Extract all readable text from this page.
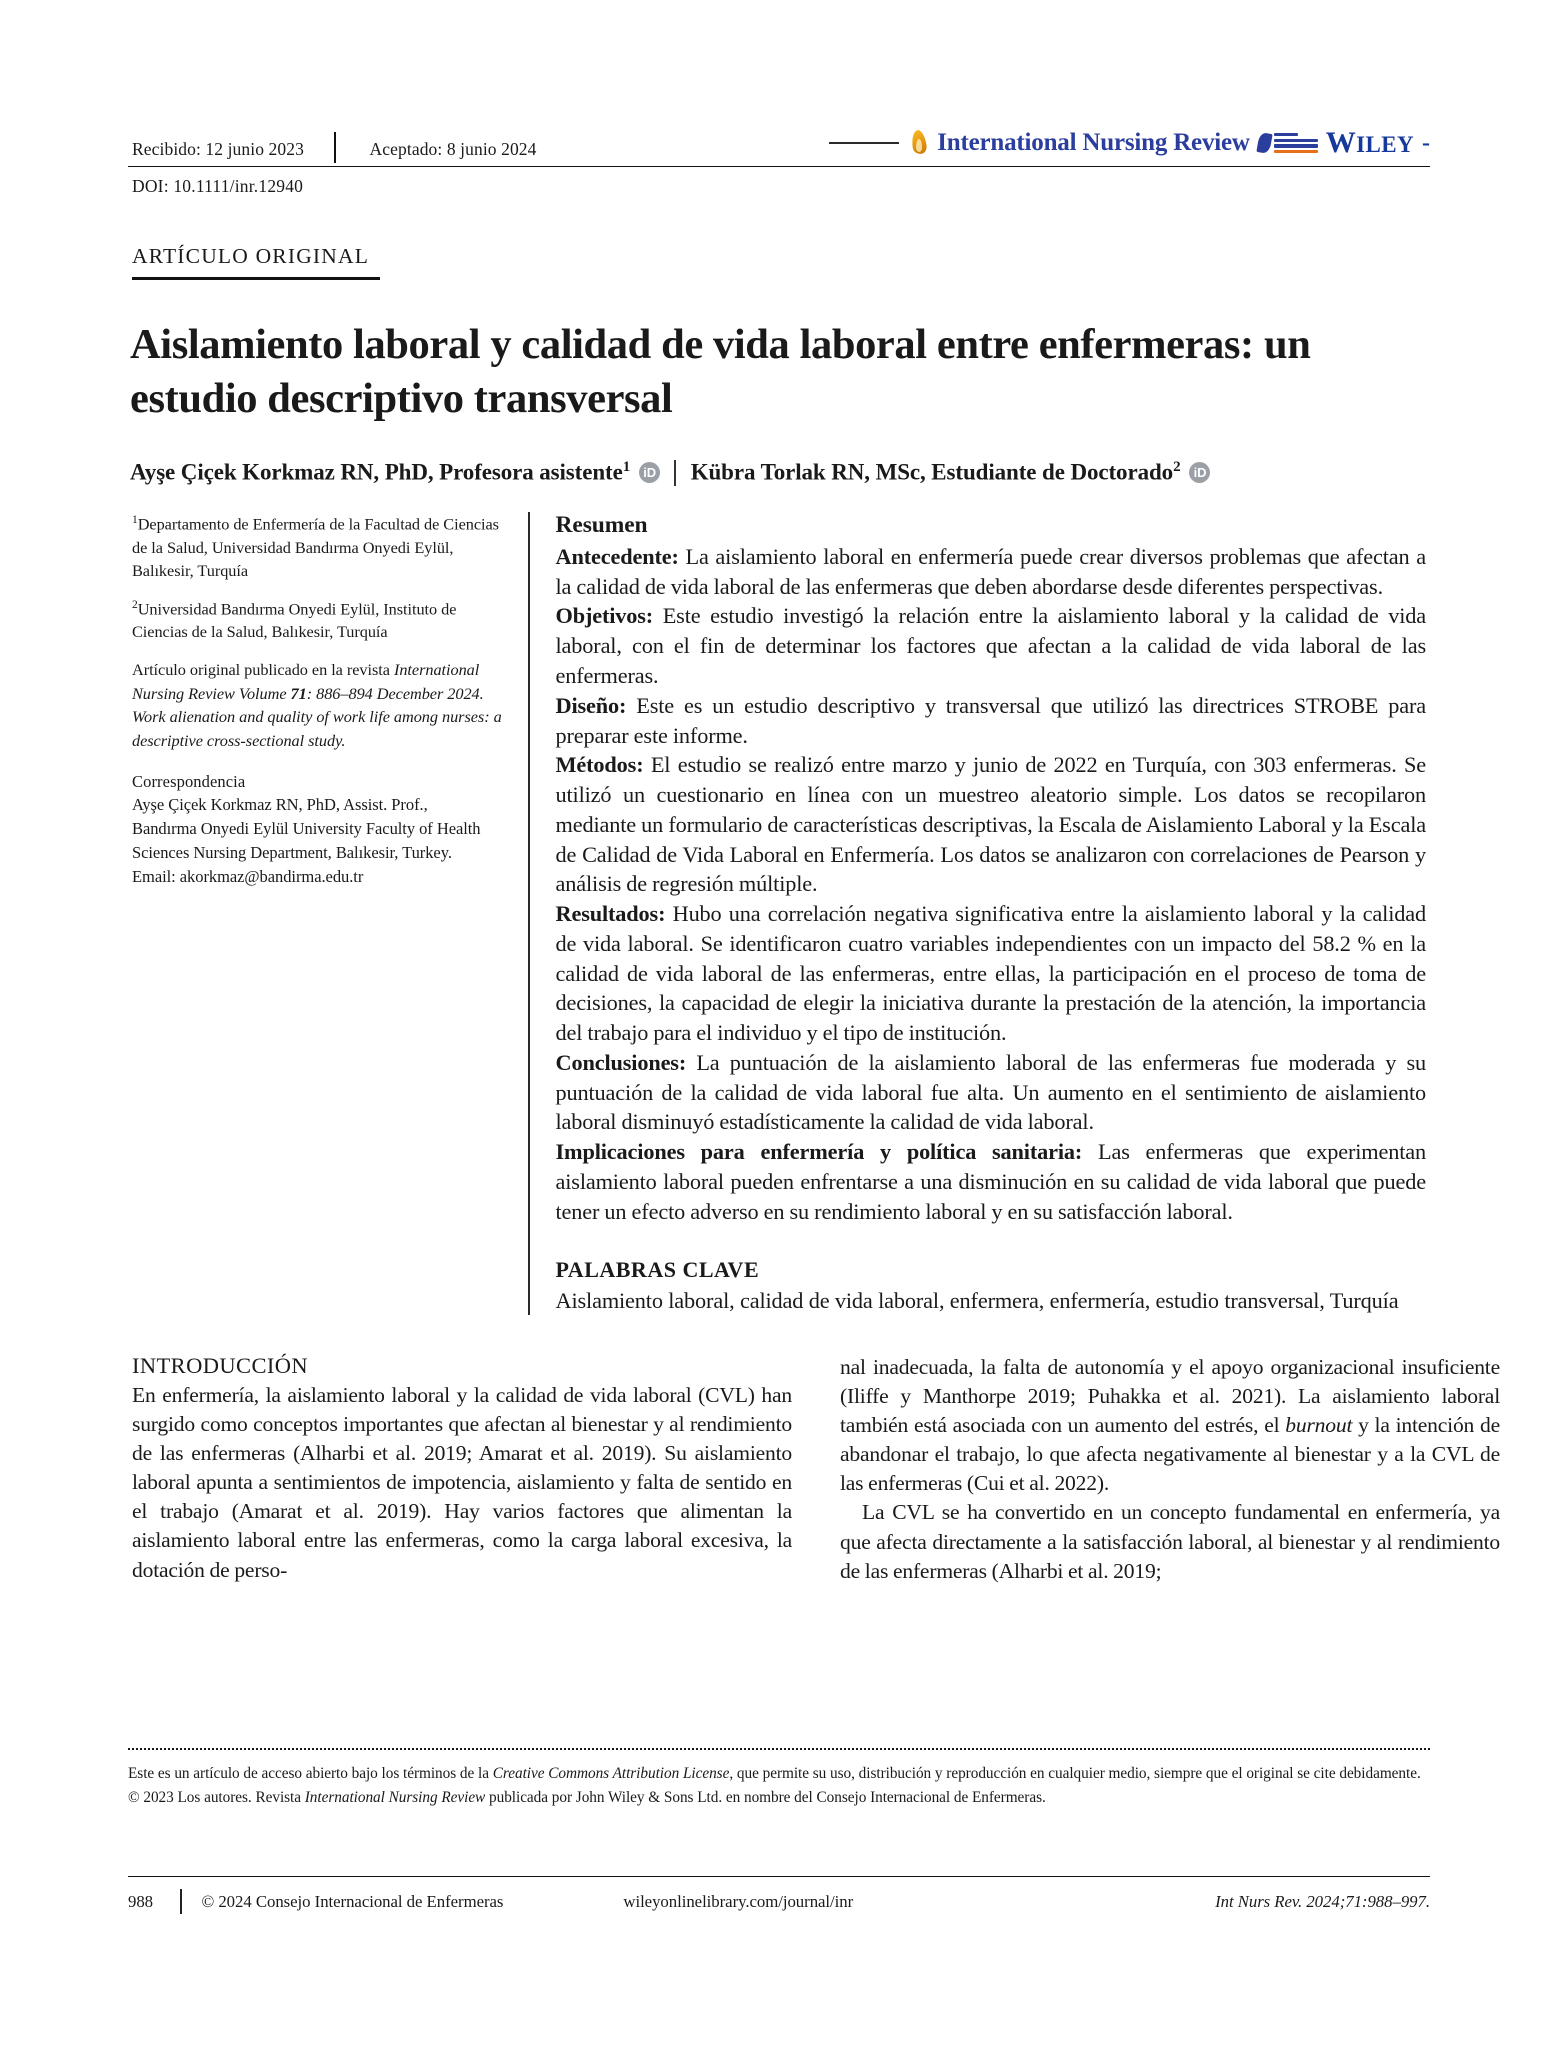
Recibido: 12 junio 2023	Aceptado: 8 junio 2024	International Nursing Review	WILEY -
DOI: 10.1111/inr.12940
ARTÍCULO ORIGINAL
Aislamiento laboral y calidad de vida laboral entre enfermeras: un estudio descriptivo transversal
Ayşe Çiçek Korkmaz RN, PhD, Profesora asistente$^1$	iD Kübra Torlak RN, MSc, Estudiante de Doctorado$^2$	iD
$^1$Departamento de Enfermería de la Facultad de Ciencias de la Salud, Universidad Bandırma Onyedi Eylül, Balıkesir, Turquía
$^2$Universidad Bandırma Onyedi Eylül, Instituto de Ciencias de la Salud, Balıkesir, Turquía
Artículo original publicado en la revista International Nursing Review Volume 71: 886–894 December 2024. Work alienation and quality of work life among nurses: a descriptive cross-sectional study.
Correspondencia
Ayşe Çiçek Korkmaz RN, PhD, Assist. Prof.,
Bandırma Onyedi Eylül University Faculty of Health
Sciences Nursing Department, Balıkesir, Turkey.
Email: akorkmaz@bandirma.edu.tr
Resumen

Antecedente: La aislamiento laboral en enfermería puede crear diversos problemas que afectan a la calidad de vida laboral de las enfermeras que deben abordarse desde diferentes perspectivas.

Objetivos: Este estudio investigó la relación entre la aislamiento laboral y la calidad de vida laboral, con el fin de determinar los factores que afectan a la calidad de vida laboral de las enfermeras.

Diseño: Este es un estudio descriptivo y transversal que utilizó las directrices STROBE para preparar este informe.

Métodos: El estudio se realizó entre marzo y junio de 2022 en Turquía, con 303 enfermeras. Se utilizó un cuestionario en línea con un muestreo aleatorio simple. Los datos se recopilaron mediante un formulario de características descriptivas, la Escala de Aislamiento Laboral y la Escala de Calidad de Vida Laboral en Enfermería. Los datos se analizaron con correlaciones de Pearson y análisis de regresión múltiple.

Resultados: Hubo una correlación negativa significativa entre la aislamiento laboral y la calidad de vida laboral. Se identificaron cuatro variables independientes con un impacto del 58.2 % en la calidad de vida laboral de las enfermeras, entre ellas, la participación en el proceso de toma de decisiones, la capacidad de elegir la iniciativa durante la prestación de la atención, la importancia del trabajo para el individuo y el tipo de institución.

Conclusiones: La puntuación de la aislamiento laboral de las enfermeras fue moderada y su puntuación de la calidad de vida laboral fue alta. Un aumento en el sentimiento de aislamiento laboral disminuyó estadísticamente la calidad de vida laboral.

Implicaciones para enfermería y política sanitaria: Las enfermeras que experimentan aislamiento laboral pueden enfrentarse a una disminución en su calidad de vida laboral que puede tener un efecto adverso en su rendimiento laboral y en su satisfacción laboral.

PALABRAS CLAVE
Aislamiento laboral, calidad de vida laboral, enfermera, enfermería, estudio transversal, Turquía
INTRODUCCIÓN

En enfermería, la aislamiento laboral y la calidad de vida laboral (CVL) han surgido como conceptos importantes que afectan al bienestar y al rendimiento de las enfermeras (Alharbi et al. 2019; Amarat et al. 2019). Su aislamiento laboral apunta a sentimientos de impotencia, aislamiento y falta de sentido en el trabajo (Amarat et al. 2019). Hay varios factores que alimentan la aislamiento laboral entre las enfermeras, como la carga laboral excesiva, la dotación de perso-

nal inadecuada, la falta de autonomía y el apoyo organizacional insuficiente (Iliffe y Manthorpe 2019; Puhakka et al. 2021). La aislamiento laboral también está asociada con un aumento del estrés, el burnout y la intención de abandonar el trabajo, lo que afecta negativamente al bienestar y a la CVL de las enfermeras (Cui et al. 2022).

La CVL se ha convertido en un concepto fundamental en enfermería, ya que afecta directamente a la satisfacción laboral, al bienestar y al rendimiento de las enfermeras (Alharbi et al. 2019;

Este es un artículo de acceso abierto bajo los términos de la Creative Commons Attribution License, que permite su uso, distribución y reproducción en cualquier medio, siempre que el original se cite debidamente.

© 2023 Los autores. Revista International Nursing Review publicada por John Wiley & Sons Ltd. en nombre del Consejo Internacional de Enfermeras.

988	© 2024 Consejo Internacional de Enfermeras	wileyonlinelibrary.com/journal/inr	Int Nurs Rev. 2024;71:988–997.
